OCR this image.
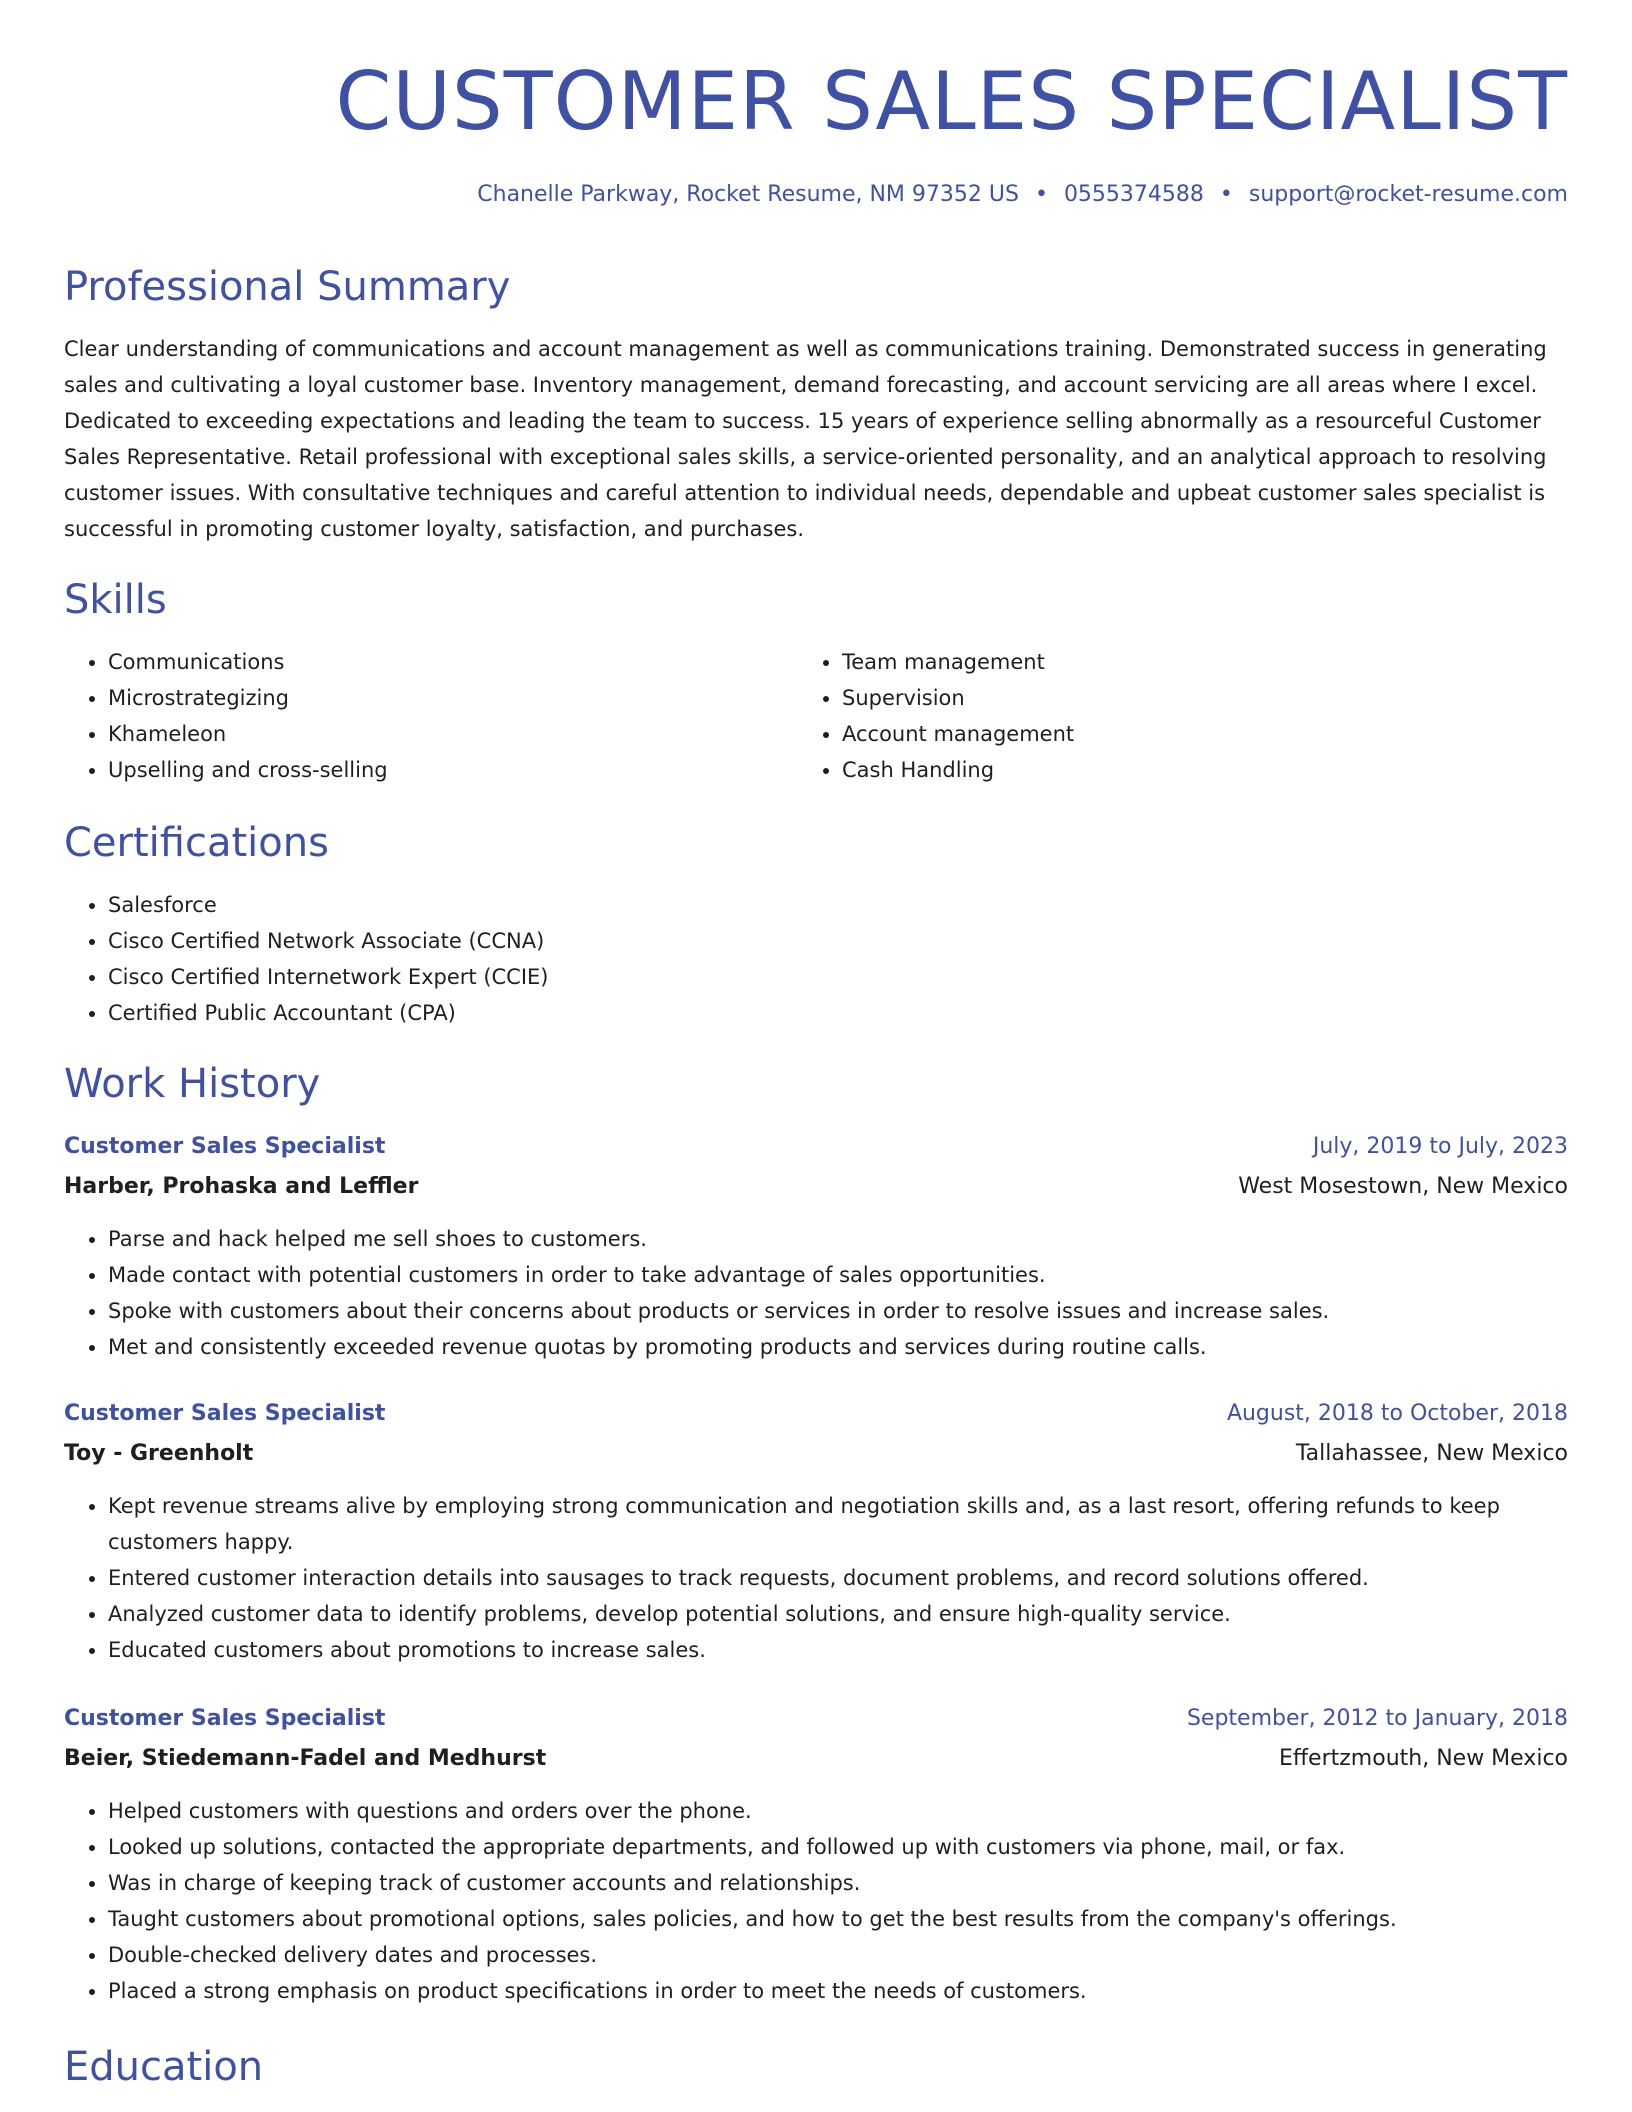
CUSTOMER SALES SPECIALIST
Chanelle Parkway, Rocket Resume, NM 97352 US • 0555374588 • support@rocket-resume.com
Professional Summary

Clear understanding of communications and account management as well as communications training. Demonstrated success in generating sales and cultivating a loyal customer base. Inventory management, demand forecasting, and account servicing are all areas where I excel. Dedicated to exceeding expectations and leading the team to success. 15 years of experience selling abnormally as a resourceful Customer Sales Representative. Retail professional with exceptional sales skills, a service-oriented personality, and an analytical approach to resolving customer issues. With consultative techniques and careful attention to individual needs, dependable and upbeat customer sales specialist is successful in promoting customer loyalty, satisfaction, and purchases.

Skills
• Communications
• Microstrategizing
• Khameleon
• Upselling and cross-selling
• Team management
• Supervision
• Account management
• Cash Handling
Certifications
• Salesforce
• Cisco Certified Network Associate (CCNA)
• Cisco Certified Internetwork Expert (CCIE)
• Certified Public Accountant (CPA)
Work History
Customer Sales Specialist	July, 2019 to July, 2023
Harber, Prohaska and Leffler	West Mosestown, New Mexico
• Parse and hack helped me sell shoes to customers.
• Made contact with potential customers in order to take advantage of sales opportunities.
• Spoke with customers about their concerns about products or services in order to resolve issues and increase sales.
• Met and consistently exceeded revenue quotas by promoting products and services during routine calls.
Customer Sales Specialist	August, 2018 to October, 2018
Toy - Greenholt	Tallahassee, New Mexico
• Kept revenue streams alive by employing strong communication and negotiation skills and, as a last resort, offering refunds to keep customers happy.
• Entered customer interaction details into sausages to track requests, document problems, and record solutions offered.
• Analyzed customer data to identify problems, develop potential solutions, and ensure high-quality service.
• Educated customers about promotions to increase sales.
Customer Sales Specialist	September, 2012 to January, 2018
Beier, Stiedemann-Fadel and Medhurst	Effertzmouth, New Mexico
• Helped customers with questions and orders over the phone.
• Looked up solutions, contacted the appropriate departments, and followed up with customers via phone, mail, or fax.
• Was in charge of keeping track of customer accounts and relationships.
• Taught customers about promotional options, sales policies, and how to get the best results from the company's offerings.
• Double-checked delivery dates and processes.
• Placed a strong emphasis on product specifications in order to meet the needs of customers.
Education
